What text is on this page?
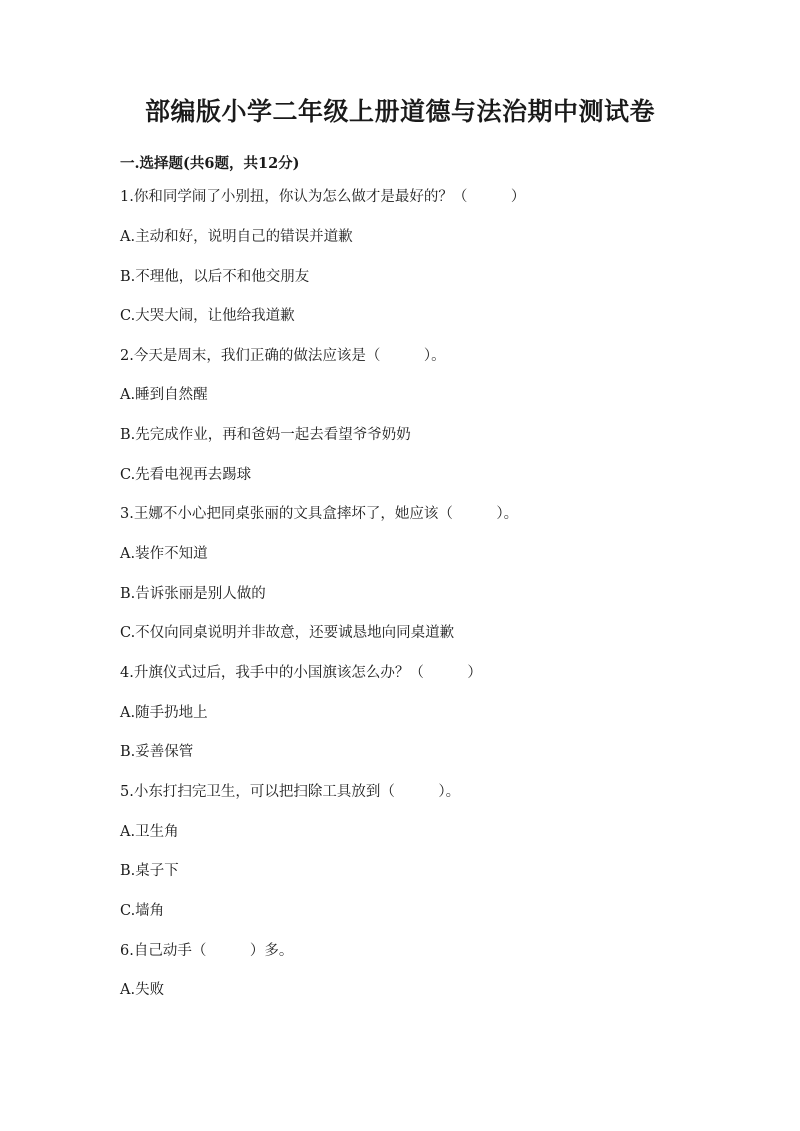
部编版小学二年级上册道德与法治期中测试卷
一.选择题(共6题，共12分)
1.你和同学闹了小别扭，你认为怎么做才是最好的？（　　　）
A.主动和好，说明自己的错误并道歉
B.不理他，以后不和他交朋友
C.大哭大闹，让他给我道歉
2.今天是周末，我们正确的做法应该是（　　　）。
A.睡到自然醒
B.先完成作业，再和爸妈一起去看望爷爷奶奶
C.先看电视再去踢球
3.王娜不小心把同桌张丽的文具盒摔坏了，她应该（　　　）。
A.装作不知道
B.告诉张丽是别人做的
C.不仅向同桌说明并非故意，还要诚恳地向同桌道歉
4.升旗仪式过后，我手中的小国旗该怎么办？（　　　）
A.随手扔地上
B.妥善保管
5.小东打扫完卫生，可以把扫除工具放到（　　　）。
A.卫生角
B.桌子下
C.墙角
6.自己动手（　　　）多。
A.失败
